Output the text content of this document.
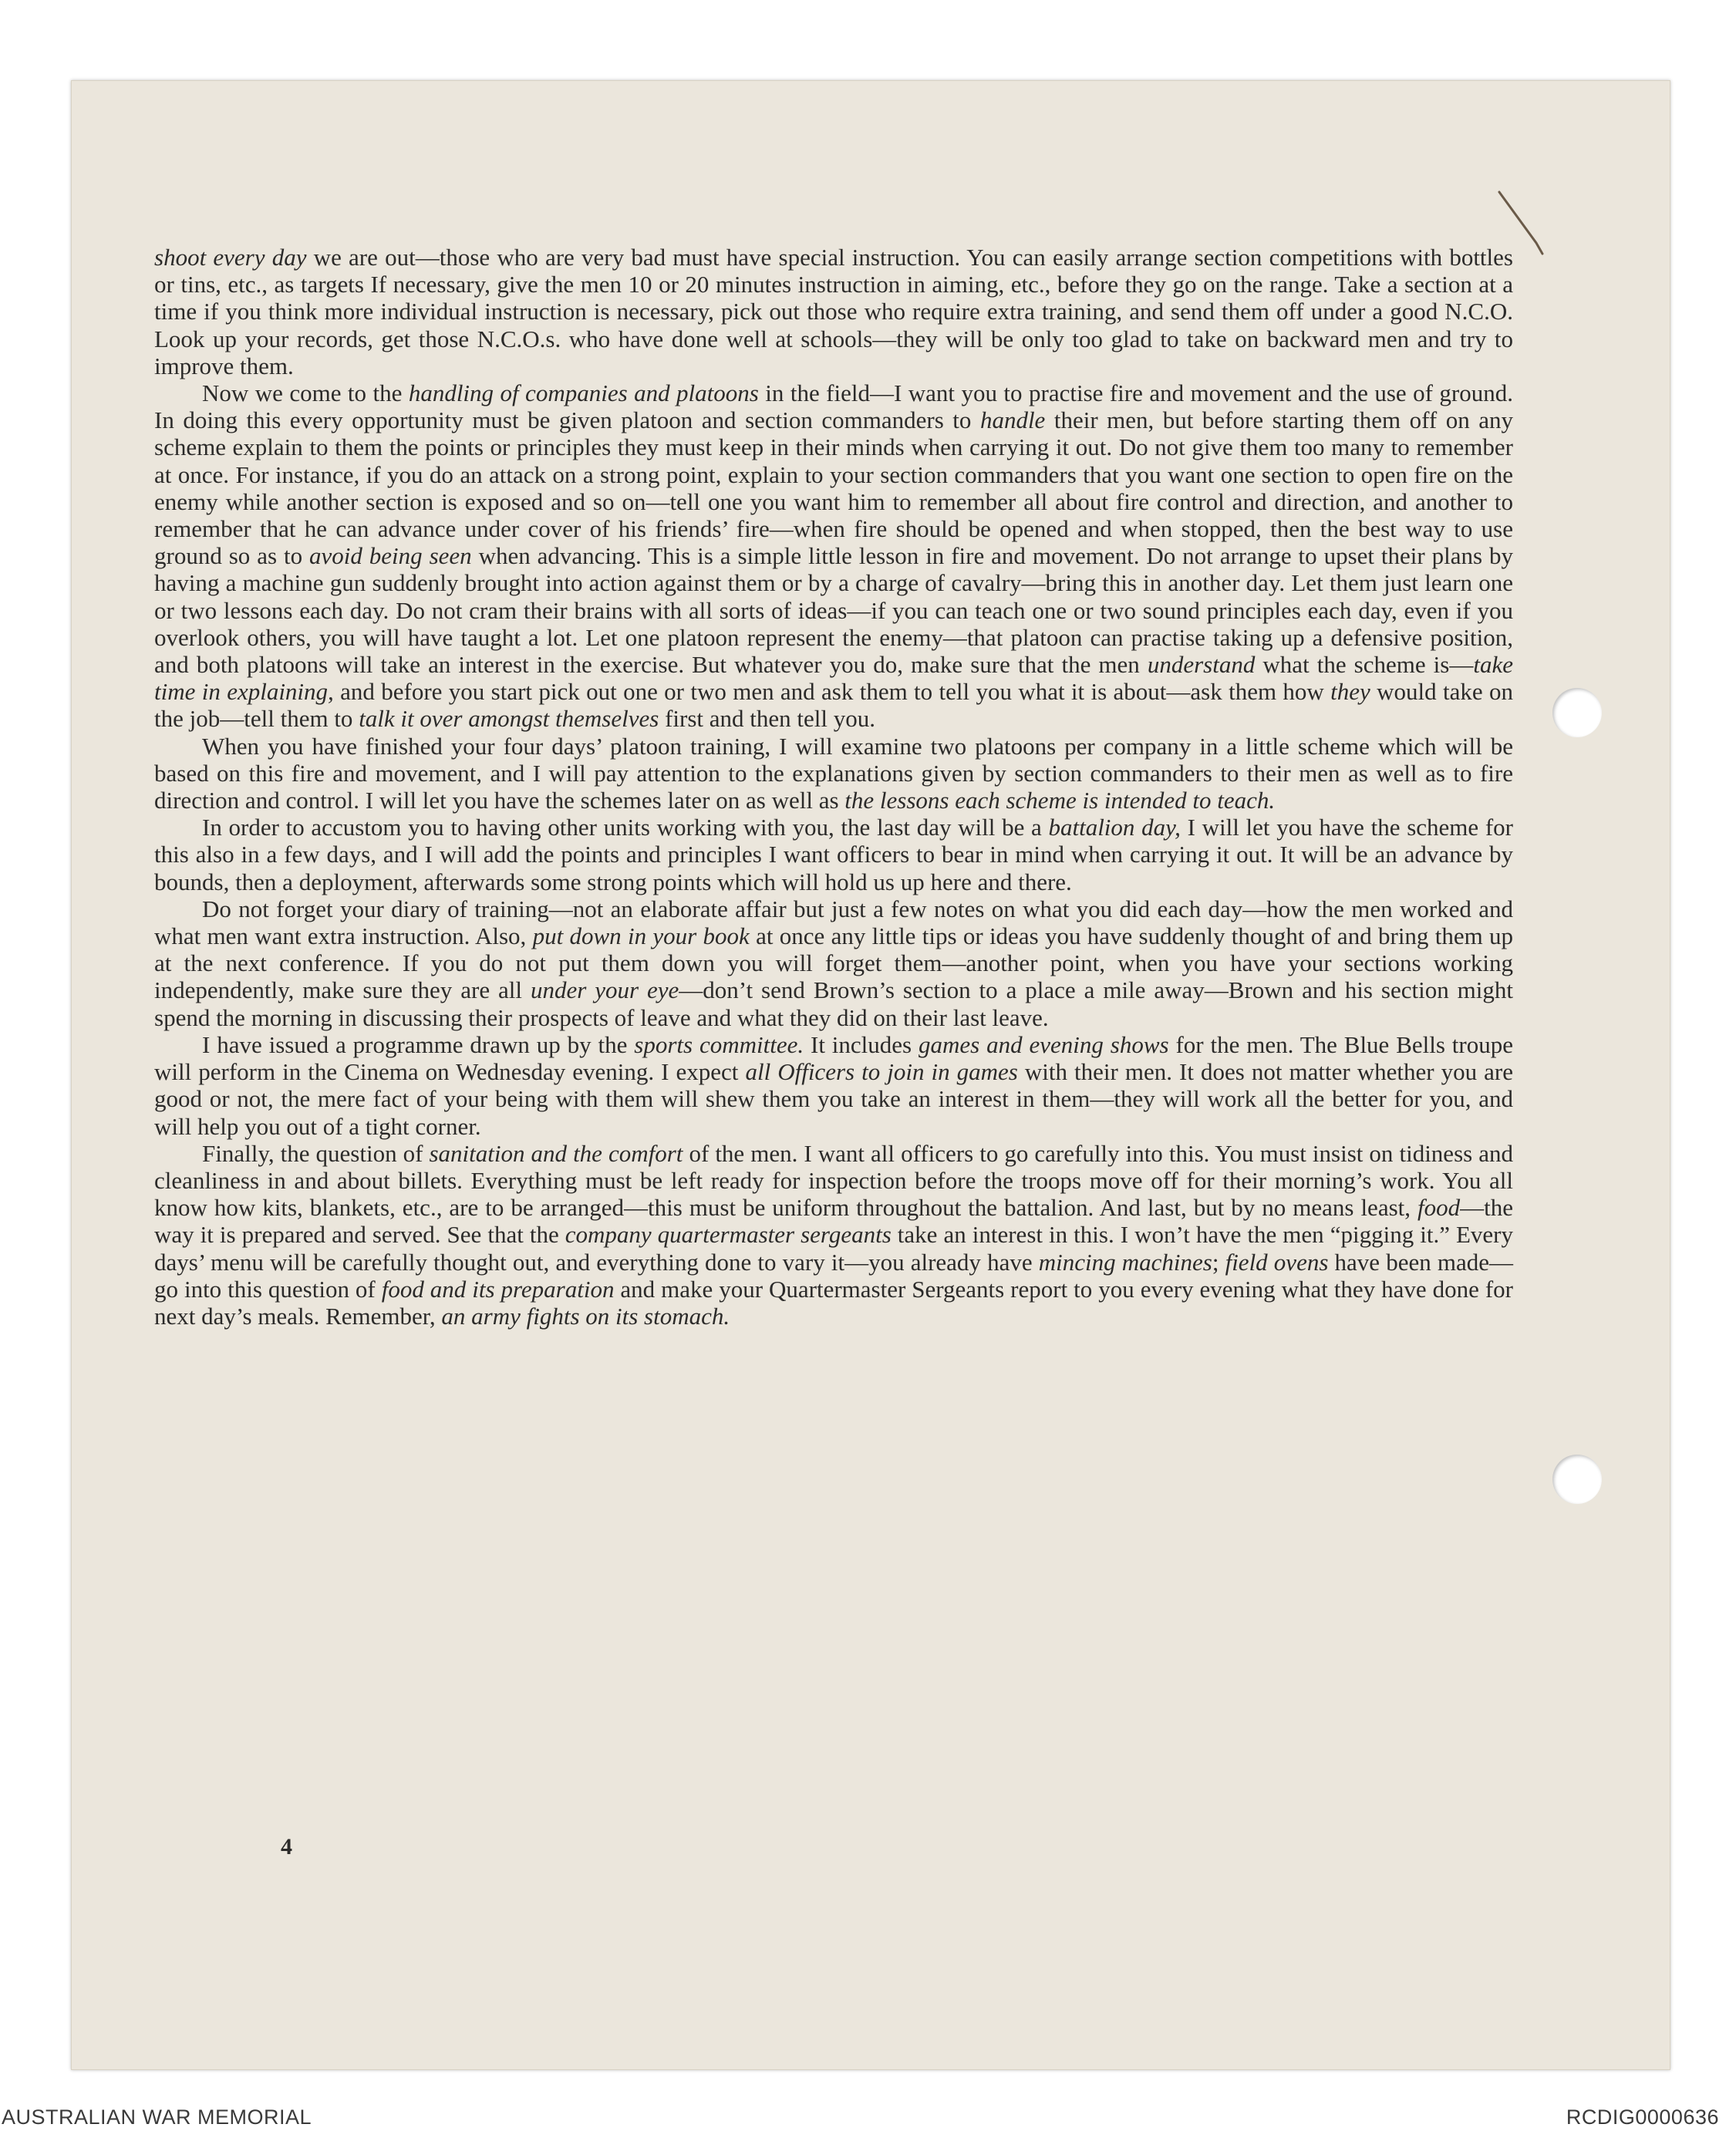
shoot every day we are out—those who are very bad must have special instruction. You can easily arrange section competitions with bottles or tins, etc., as targets If necessary, give the men 10 or 20 minutes instruction in aiming, etc., before they go on the range. Take a section at a time if you think more individual instruction is necessary, pick out those who require extra training, and send them off under a good N.C.O. Look up your records, get those N.C.O.s. who have done well at schools—they will be only too glad to take on backward men and try to improve them.

Now we come to the handling of companies and platoons in the field—I want you to practise fire and movement and the use of ground. In doing this every opportunity must be given platoon and section commanders to handle their men, but before starting them off on any scheme explain to them the points or principles they must keep in their minds when carrying it out. Do not give them too many to remember at once. For instance, if you do an attack on a strong point, explain to your section commanders that you want one section to open fire on the enemy while another section is exposed and so on—tell one you want him to remember all about fire control and direction, and another to remember that he can advance under cover of his friends’ fire—when fire should be opened and when stopped, then the best way to use ground so as to avoid being seen when advancing. This is a simple little lesson in fire and movement. Do not arrange to upset their plans by having a machine gun suddenly brought into action against them or by a charge of cavalry—bring this in another day. Let them just learn one or two lessons each day. Do not cram their brains with all sorts of ideas—if you can teach one or two sound principles each day, even if you overlook others, you will have taught a lot. Let one platoon represent the enemy—that platoon can practise taking up a defensive position, and both platoons will take an interest in the exercise. But whatever you do, make sure that the men understand what the scheme is—take time in explaining, and before you start pick out one or two men and ask them to tell you what it is about—ask them how they would take on the job—tell them to talk it over amongst themselves first and then tell you.

When you have finished your four days’ platoon training, I will examine two platoons per company in a little scheme which will be based on this fire and movement, and I will pay attention to the explanations given by section commanders to their men as well as to fire direction and control. I will let you have the schemes later on as well as the lessons each scheme is intended to teach.

In order to accustom you to having other units working with you, the last day will be a battalion day, I will let you have the scheme for this also in a few days, and I will add the points and principles I want officers to bear in mind when carrying it out. It will be an advance by bounds, then a deployment, afterwards some strong points which will hold us up here and there.

Do not forget your diary of training—not an elaborate affair but just a few notes on what you did each day—how the men worked and what men want extra instruction. Also, put down in your book at once any little tips or ideas you have suddenly thought of and bring them up at the next conference. If you do not put them down you will forget them—another point, when you have your sections working independently, make sure they are all under your eye—don’t send Brown’s section to a place a mile away—Brown and his section might spend the morning in discussing their prospects of leave and what they did on their last leave.

I have issued a programme drawn up by the sports committee. It includes games and evening shows for the men. The Blue Bells troupe will perform in the Cinema on Wednesday evening. I expect all Officers to join in games with their men. It does not matter whether you are good or not, the mere fact of your being with them will shew them you take an interest in them—they will work all the better for you, and will help you out of a tight corner.

Finally, the question of sanitation and the comfort of the men. I want all officers to go carefully into this. You must insist on tidiness and cleanliness in and about billets. Everything must be left ready for inspection before the troops move off for their morning’s work. You all know how kits, blankets, etc., are to be arranged—this must be uniform throughout the battalion. And last, but by no means least, food—the way it is prepared and served. See that the company quartermaster sergeants take an interest in this. I won’t have the men “pigging it.” Every days’ menu will be carefully thought out, and everything done to vary it—you already have mincing machines; field ovens have been made—go into this question of food and its preparation and make your Quartermaster Sergeants report to you every evening what they have done for next day’s meals. Remember, an army fights on its stomach.

4
AUSTRALIAN WAR MEMORIAL	RCDIG0000636
